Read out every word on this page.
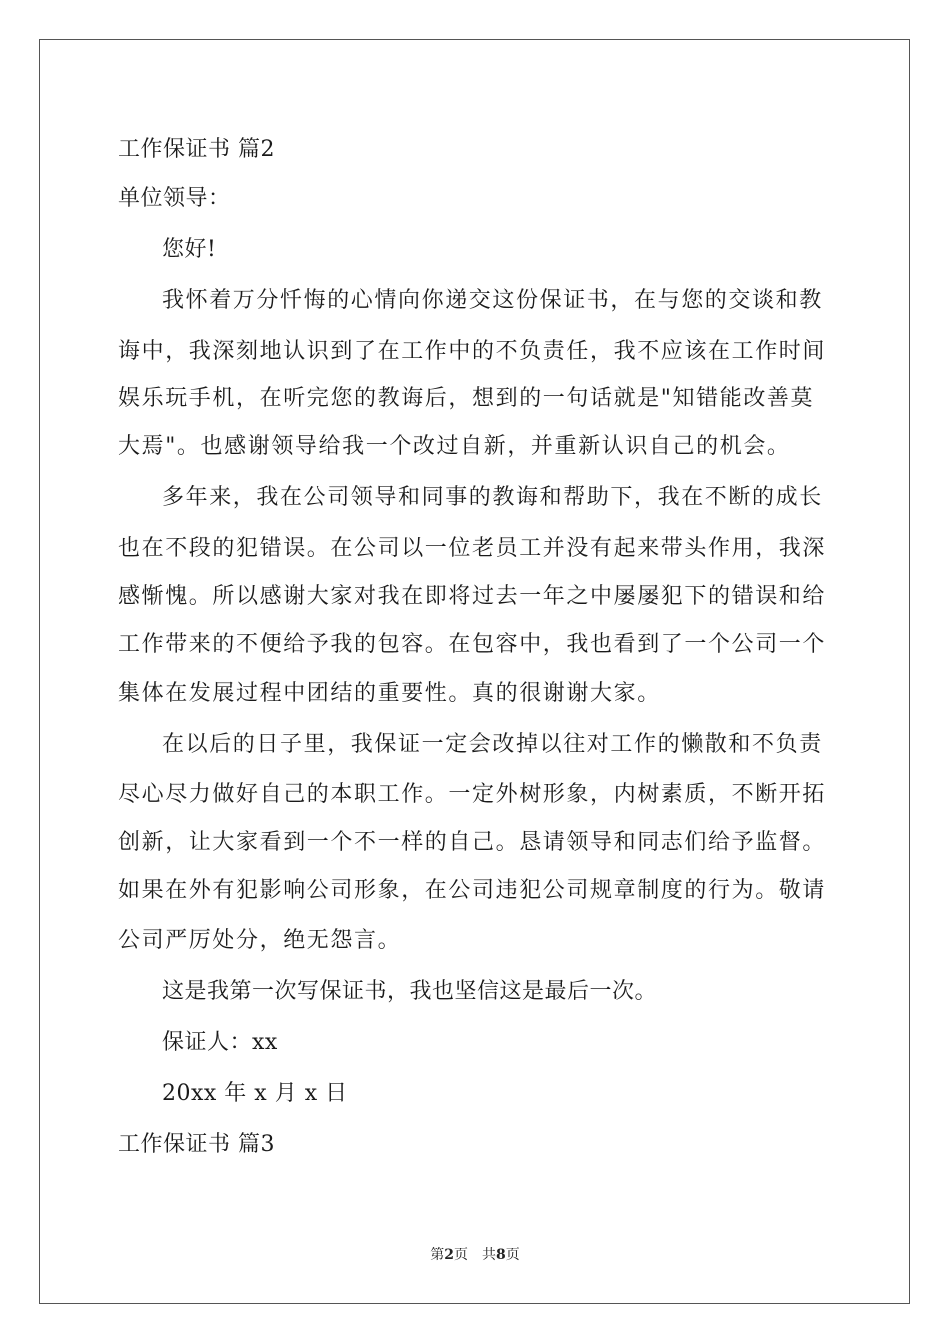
工作保证书 篇2
单位领导：
您好!
我怀着万分忏悔的心情向你递交这份保证书，在与您的交谈和教
诲中，我深刻地认识到了在工作中的不负责任，我不应该在工作时间
娱乐玩手机，在听完您的教诲后，想到的一句话就是"知错能改善莫
大焉"。也感谢领导给我一个改过自新，并重新认识自己的机会。
多年来，我在公司领导和同事的教诲和帮助下，我在不断的成长
也在不段的犯错误。在公司以一位老员工并没有起来带头作用，我深
感惭愧。所以感谢大家对我在即将过去一年之中屡屡犯下的错误和给
工作带来的不便给予我的包容。在包容中，我也看到了一个公司一个
集体在发展过程中团结的重要性。真的很谢谢大家。
在以后的日子里，我保证一定会改掉以往对工作的懒散和不负责
尽心尽力做好自己的本职工作。一定外树形象，内树素质，不断开拓
创新，让大家看到一个不一样的自己。恳请领导和同志们给予监督。
如果在外有犯影响公司形象，在公司违犯公司规章制度的行为。敬请
公司严厉处分，绝无怨言。
这是我第一次写保证书，我也坚信这是最后一次。
保证人：xx
20xx 年 x 月 x 日
工作保证书 篇3
第2页　共8页
